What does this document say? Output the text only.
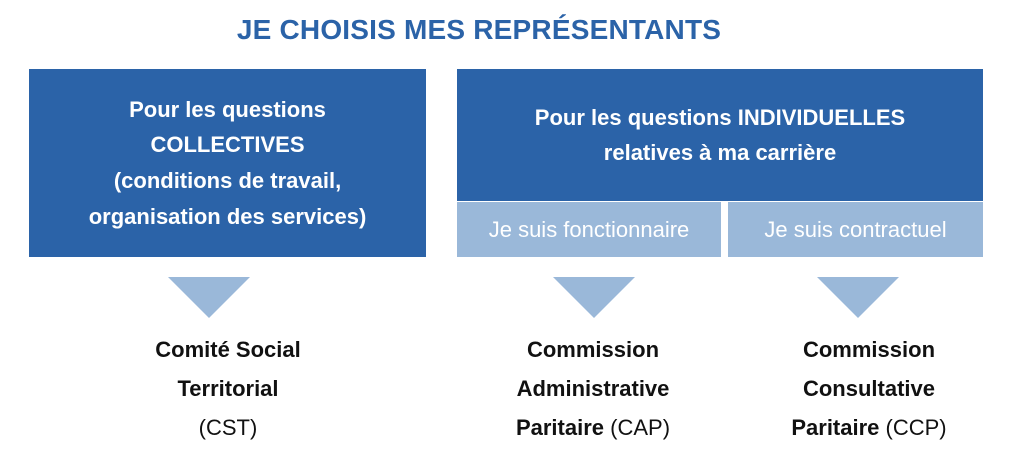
JE CHOISIS MES REPRÉSENTANTS
Pour les questions
COLLECTIVES
(conditions de travail,
organisation des services)
Pour les questions INDIVIDUELLES
relatives à ma carrière
Je suis fonctionnaire	Je suis contractuel
Comité Social
Territorial
(CST)
Commission
Administrative
Paritaire (CAP)
Commission
Consultative
Paritaire (CCP)
